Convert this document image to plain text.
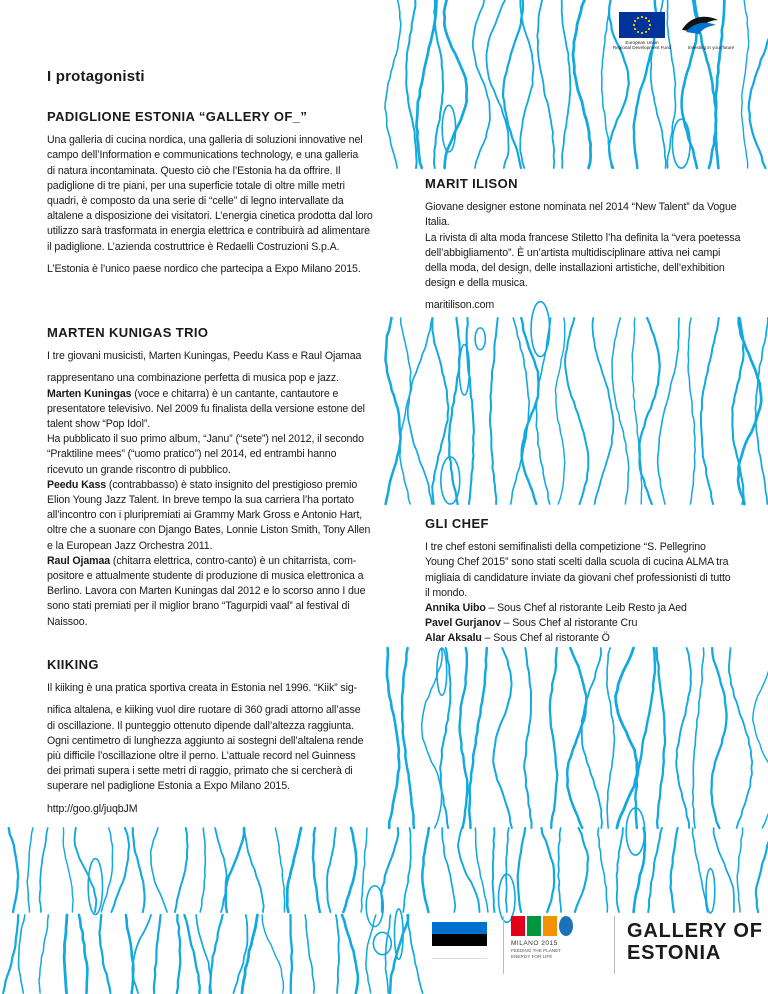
European Union
Regional Development Fund	Investing in your future
I protagonisti
PADIGLIONE ESTONIA “GALLERY OF_”

Una galleria di cucina nordica, una galleria di soluzioni innovative nel

campo dell’Information e communications technology, e una galleria

di natura incontaminata. Questo ciò che l’Estonia ha da offrire. Il

padiglione di tre piani, per una superficie totale di oltre mille metri

quadri, è composto da una serie di “celle” di legno intervallate da

altalene a disposizione dei visitatori. L’energia cinetica prodotta dal loro

utilizzo sarà trasformata in energia elettrica e contribuirà ad alimentare

il padiglione. L’azienda costruttrice è Redaelli Costruzioni S.p.A.

L’Estonia è l’unico paese nordico che partecipa a Expo Milano 2015.

MARIT ILISON

Giovane designer estone nominata nel 2014 “New Talent” da Vogue

Italia.

La rivista di alta moda francese Stiletto l’ha definita la “vera poetessa

dell’abbigliamento”. È un’artista multidisciplinare attiva nei campi

della moda, del design, delle installazioni artistiche, dell’exhibition

design e della musica.

maritilison.com

MARTEN KUNIGAS TRIO

I tre giovani musicisti, Marten Kuningas, Peedu Kass e Raul Ojamaa

rappresentano una combinazione perfetta di musica pop e jazz.

Marten Kuningas (voce e chitarra) è un cantante, cantautore e

presentatore televisivo. Nel 2009 fu finalista della versione estone del

talent show “Pop Idol”.

Ha pubblicato il suo primo album, “Janu” (“sete”) nel 2012, il secondo

“Praktiline mees” (“uomo pratico”) nel 2014, ed entrambi hanno

ricevuto un grande riscontro di pubblico.

Peedu Kass (contrabbasso) è stato insignito del prestigioso premio

Elion Young Jazz Talent. In breve tempo la sua carriera l’ha portato

all’incontro con i pluripremiati ai Grammy Mark Gross e Antonio Hart,

oltre che a suonare con Django Bates, Lonnie Liston Smith, Tony Allen

e la European Jazz Orchestra 2011.

Raul Ojamaa (chitarra elettrica, contro-canto) è un chitarrista, com-

positore e attualmente studente di produzione di musica elettronica a

Berlino. Lavora con Marten Kuningas dal 2012 e lo scorso anno I due

sono stati premiati per il miglior brano “Tagurpidi vaal” al festival di

Naissoo.

GLI CHEF

I tre chef estoni semifinalisti della competizione “S. Pellegrino

Young Chef 2015” sono stati scelti dalla scuola di cucina ALMA tra

migliaia di candidature inviate da giovani chef professionisti di tutto

il mondo.

Annika Uibo – Sous Chef al ristorante Leib Resto ja Aed

Pavel Gurjanov – Sous Chef al ristorante Cru

Alar Aksalu – Sous Chef al ristorante Ö

KIIKING

Il kiiking è una pratica sportiva creata in Estonia nel 1996. “Kiik” sig-

nifica altalena, e kiiking vuol dire ruotare di 360 gradi attorno all’asse

di oscillazione. Il punteggio ottenuto dipende dall’altezza raggiunta.

Ogni centimetro di lunghezza aggiunto ai sostegni dell’altalena rende

più difficile l’oscillazione oltre il perno. L’attuale record nel Guinness

dei primati supera i sette metri di raggio, primato che si cercherà di

superare nel padiglione Estonia a Expo Milano 2015.

http://goo.gl/juqbJM

MILANO 2015
FEEDING THE PLANET
ENERGY FOR LIFE
GALLERY OF
ESTONIA
